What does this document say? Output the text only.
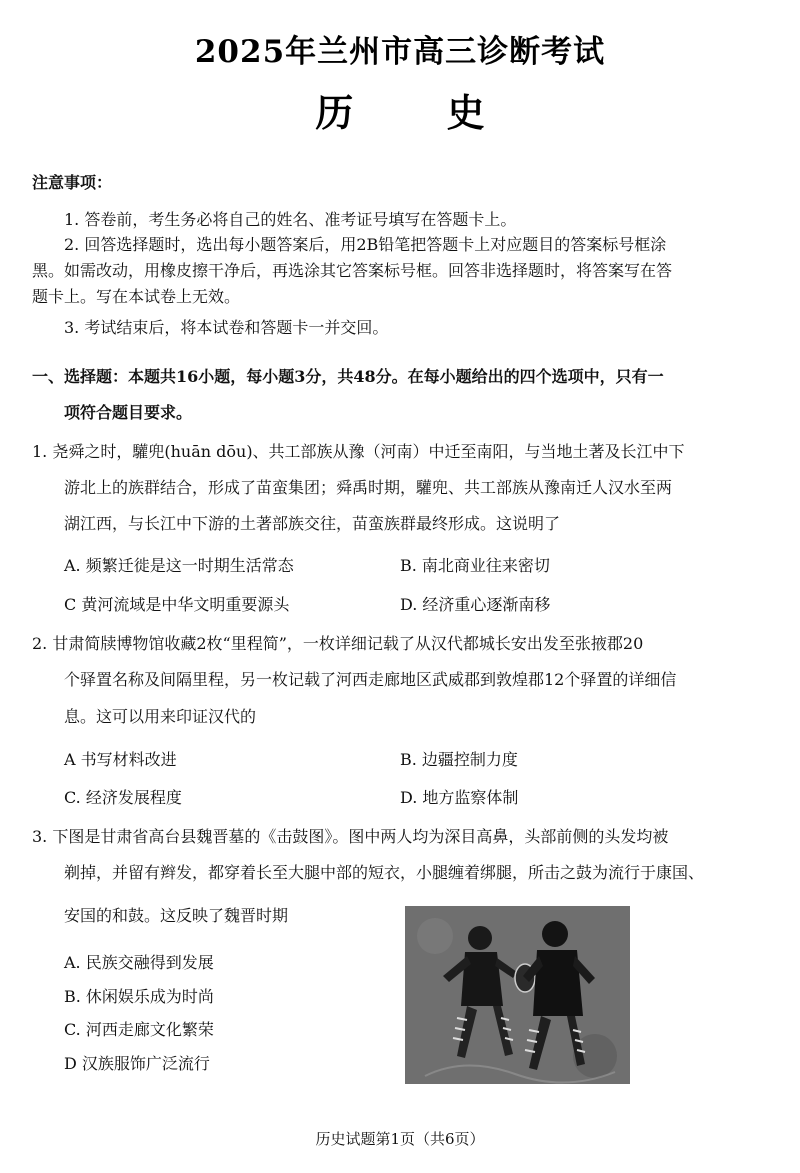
2025年兰州市高三诊断考试
历 史
注意事项：
1. 答卷前，考生务必将自己的姓名、准考证号填写在答题卡上。
2. 回答选择题时，选出每小题答案后，用2B铅笔把答题卡上对应题目的答案标号框涂
黑。如需改动，用橡皮擦干净后，再选涂其它答案标号框。回答非选择题时，将答案写在答
题卡上。写在本试卷上无效。
3. 考试结束后，将本试卷和答题卡一并交回。
一、选择题：本题共16小题，每小题3分，共48分。在每小题给出的四个选项中，只有一
项符合题目要求。
1. 尧舜之时，驩兜(huān dōu)、共工部族从豫（河南）中迁至南阳，与当地土著及长江中下
游北上的族群结合，形成了苗蛮集团；舜禹时期，驩兜、共工部族从豫南迁人汉水至两
湖江西，与长江中下游的土著部族交往，苗蛮族群最终形成。这说明了
A. 频繁迁徙是这一时期生活常态	B. 南北商业往来密切
C 黄河流域是中华文明重要源头	D. 经济重心逐渐南移
2. 甘肃简牍博物馆收藏2枚“里程简”，一枚详细记载了从汉代都城长安出发至张掖郡20
个驿置名称及间隔里程，另一枚记载了河西走廊地区武威郡到敦煌郡12个驿置的详细信
息。这可以用来印证汉代的
A 书写材料改进	B. 边疆控制力度
C. 经济发展程度	D. 地方监察体制
3. 下图是甘肃省高台县魏晋墓的《击鼓图》。图中两人均为深目高鼻，头部前侧的头发均被
剃掉，并留有辫发，都穿着长至大腿中部的短衣，小腿缠着绑腿，所击之鼓为流行于康国、
安国的和鼓。这反映了魏晋时期
A. 民族交融得到发展
B. 休闲娱乐成为时尚
C. 河西走廊文化繁荣
D 汉族服饰广泛流行
历史试题第1页（共6页）
